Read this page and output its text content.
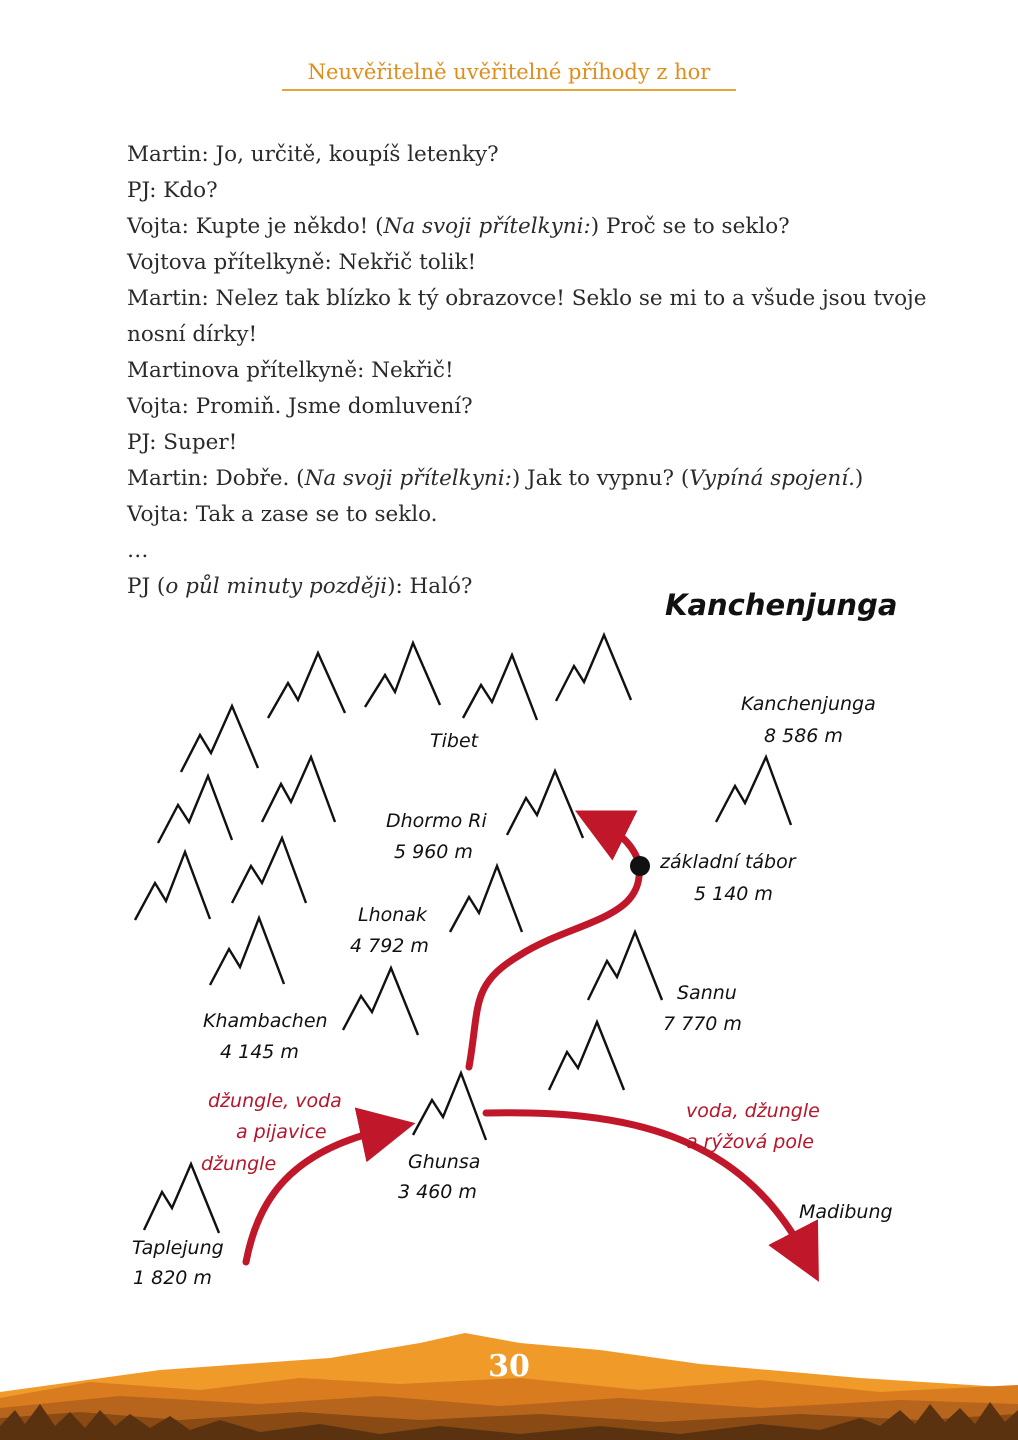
Neuvěřitelně uvěřitelné příhody z hor

Martin: Jo, určitě, koupíš letenky?

PJ: Kdo?

Vojta: Kupte je někdo! (Na svoji přítelkyni:) Proč se to seklo?

Vojtova přítelkyně: Nekřič tolik!

Martin: Nelez tak blízko k tý obrazovce! Seklo se mi to a všude jsou tvoje

nosní dírky!

Martinova přítelkyně: Nekřič!

Vojta: Promiň. Jsme domluvení?

PJ: Super!

Martin: Dobře. (Na svoji přítelkyni:) Jak to vypnu? (Vypíná spojení.)

Vojta: Tak a zase se to seklo.

…

PJ (o půl minuty později): Haló?

Kanchenjunga
Tibet
Kanchenjunga
8 586 m
Dhormo Ri
5 960 m	základní tábor
5 140 m
Lhonak
4 792 m
Sannu
7 770 m
Khambachen
4 145 m
Ghunsa
3 460 m
Taplejung
1 820 m
Madibung
džungle, voda
a pijavice
džungle
voda, džungle
a rýžová pole
30
